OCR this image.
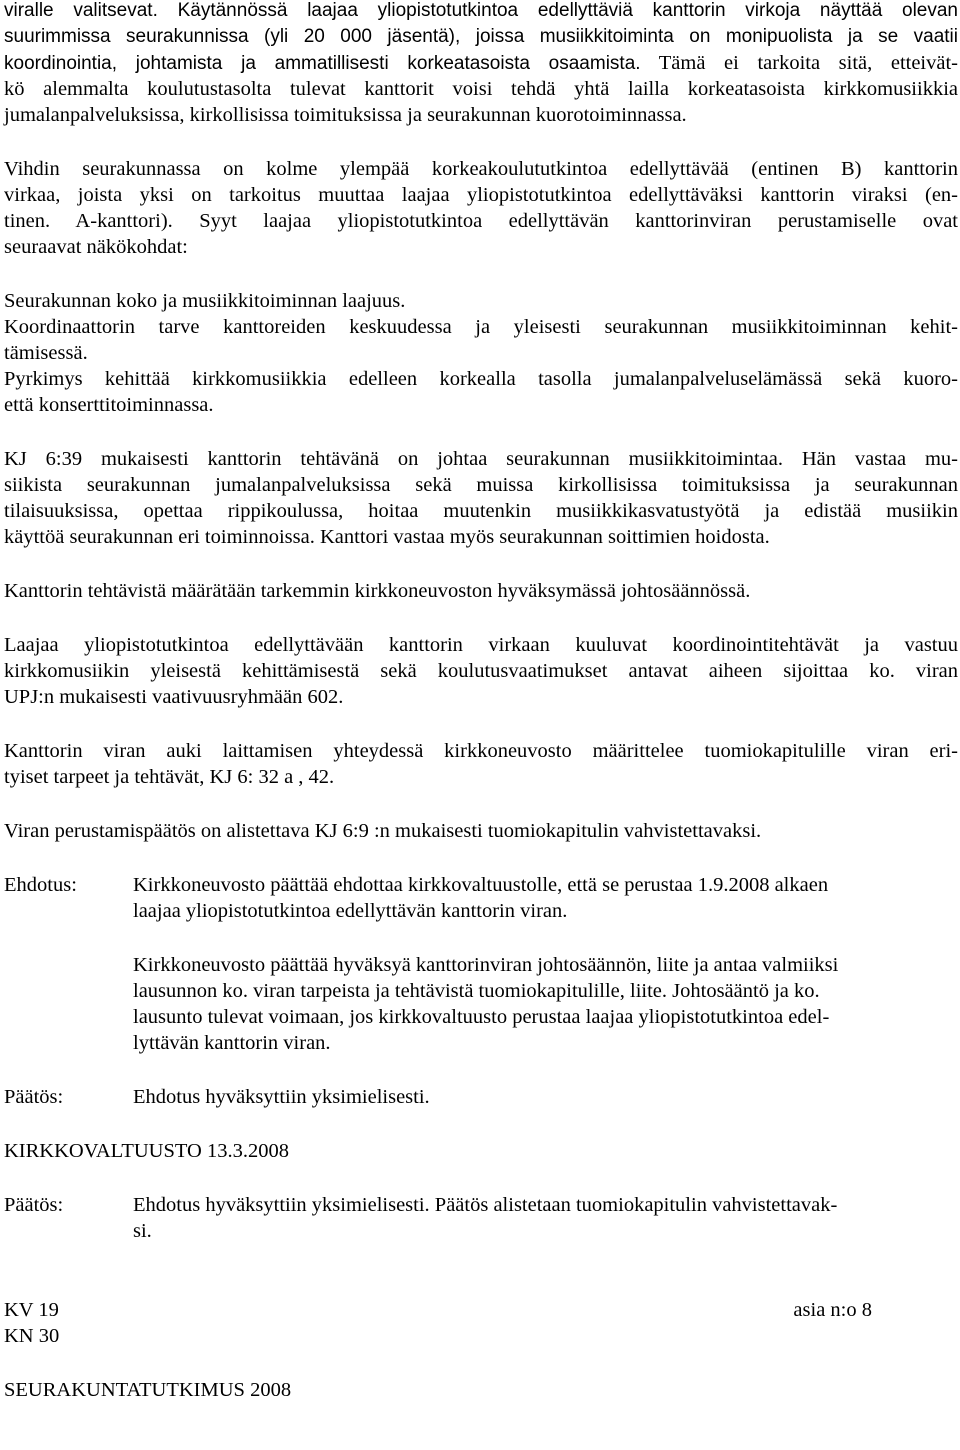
viralle valitsevat. Käytännössä laajaa yliopistotutkintoa edellyttäviä kanttorin virkoja näyttää olevan

suurimmissa seurakunnissa (yli 20 000 jäsentä), joissa musiikkitoiminta on monipuolista ja se vaatii

koordinointia, johtamista ja ammatillisesti korkeatasoista osaamista. Tämä ei tarkoita sitä, etteivät-

kö alemmalta koulutustasolta tulevat kanttorit voisi tehdä yhtä lailla korkeatasoista kirkkomusiikkia

jumalanpalveluksissa, kirkollisissa toimituksissa ja seurakunnan kuorotoiminnassa.

Vihdin seurakunnassa on kolme ylempää korkeakoulututkintoa edellyttävää (entinen B) kanttorin

virkaa, joista yksi on tarkoitus muuttaa laajaa yliopistotutkintoa edellyttäväksi kanttorin viraksi (en-

tinen. A-kanttori). Syyt laajaa yliopistotutkintoa edellyttävän kanttorinviran perustamiselle ovat

seuraavat näkökohdat:

Seurakunnan koko ja musiikkitoiminnan laajuus.

Koordinaattorin tarve kanttoreiden keskuudessa ja yleisesti seurakunnan musiikkitoiminnan kehit-

tämisessä.

Pyrkimys kehittää kirkkomusiikkia edelleen korkealla tasolla jumalanpalveluselämässä sekä kuoro-

että konserttitoiminnassa.

KJ 6:39 mukaisesti kanttorin tehtävänä on johtaa seurakunnan musiikkitoimintaa. Hän vastaa mu-

siikista seurakunnan jumalanpalveluksissa sekä muissa kirkollisissa toimituksissa ja seurakunnan

tilaisuuksissa, opettaa rippikoulussa, hoitaa muutenkin musiikkikasvatustyötä ja edistää musiikin

käyttöä seurakunnan eri toiminnoissa. Kanttori vastaa myös seurakunnan soittimien hoidosta.

Kanttorin tehtävistä määrätään tarkemmin kirkkoneuvoston hyväksymässä johtosäännössä.

Laajaa yliopistotutkintoa edellyttävään kanttorin virkaan kuuluvat koordinointitehtävät ja vastuu

kirkkomusiikin yleisestä kehittämisestä sekä koulutusvaatimukset antavat aiheen sijoittaa ko. viran

UPJ:n mukaisesti vaativuusryhmään 602.

Kanttorin viran auki laittamisen yhteydessä kirkkoneuvosto määrittelee tuomiokapitulille viran eri-

tyiset tarpeet ja tehtävät, KJ 6: 32 a , 42.

Viran perustamispäätös on alistettava KJ 6:9 :n mukaisesti tuomiokapitulin vahvistettavaksi.

Ehdotus:	Kirkkoneuvosto päättää ehdottaa kirkkovaltuustolle, että se perustaa 1.9.2008 alkaen
laajaa yliopistotutkintoa edellyttävän kanttorin viran.
Kirkkoneuvosto päättää hyväksyä kanttorinviran johtosäännön, liite ja antaa valmiiksi
lausunnon ko. viran tarpeista ja tehtävistä tuomiokapitulille, liite. Johtosääntö ja ko.
lausunto tulevat voimaan, jos kirkkovaltuusto perustaa laajaa yliopistotutkintoa edel-
lyttävän kanttorin viran.
Päätös:	Ehdotus hyväksyttiin yksimielisesti.

KIRKKOVALTUUSTO 13.3.2008

Päätös:	Ehdotus hyväksyttiin yksimielisesti. Päätös alistetaan tuomiokapitulin vahvistettavak-
si.
KV 19	asia n:o 8
KN 30
SEURAKUNTATUTKIMUS 2008
